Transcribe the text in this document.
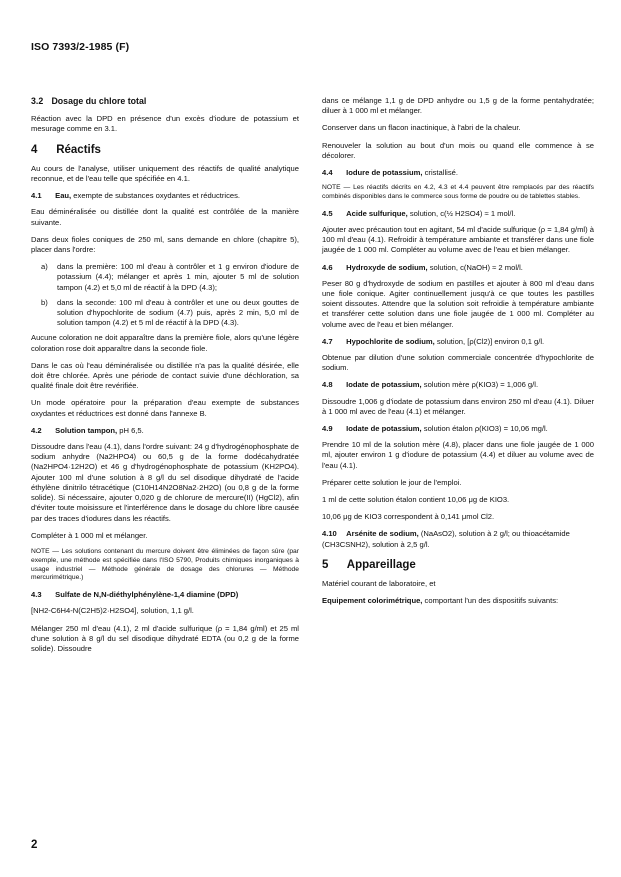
ISO 7393/2-1985 (F)
3.2 Dosage du chlore total

Réaction avec la DPD en présence d'un excès d'iodure de potassium et mesurage comme en 3.1.

4 Réactifs

Au cours de l'analyse, utiliser uniquement des réactifs de qualité analytique reconnue, et de l'eau telle que spécifiée en 4.1.

4.1 Eau, exempte de substances oxydantes et réductrices.

Eau déminéralisée ou distillée dont la qualité est contrôlée de la manière suivante.

Dans deux fioles coniques de 250 ml, sans demande en chlore (chapitre 5), placer dans l'ordre:

a)	dans la première: 100 ml d'eau à contrôler et 1 g environ d'iodure de potassium (4.4); mélanger et après 1 min, ajouter 5 ml de solution tampon (4.2) et 5,0 ml de réactif à la DPD (4.3);
b)	dans la seconde: 100 ml d'eau à contrôler et une ou deux gouttes de solution d'hypochlorite de sodium (4.7) puis, après 2 min, 5,0 ml de solution tampon (4.2) et 5 ml de réactif à la DPD (4.3).

Aucune coloration ne doit apparaître dans la première fiole, alors qu'une légère coloration rose doit apparaître dans la seconde fiole.

Dans le cas où l'eau déminéralisée ou distillée n'a pas la qualité désirée, elle doit être chlorée. Après une période de contact suivie d'une déchloration, sa qualité finale doit être revérifiée.

Un mode opératoire pour la préparation d'eau exempte de substances oxydantes et réductrices est donné dans l'annexe B.

4.2 Solution tampon, pH 6,5.

Dissoudre dans l'eau (4.1), dans l'ordre suivant: 24 g d'hydrogénophosphate de sodium anhydre (Na2HPO4) ou 60,5 g de la forme dodécahydratée (Na2HPO4·12H2O) et 46 g d'hydrogénophosphate de potassium (KH2PO4). Ajouter 100 ml d'une solution à 8 g/l du sel disodique dihydraté de l'acide éthylène dinitrilo tétracétique (C10H14N2O8Na2·2H2O) (ou 0,8 g de la forme solide). Si nécessaire, ajouter 0,020 g de chlorure de mercure(II) (HgCl2), afin d'éviter toute moisissure et l'interférence dans le dosage du chlore libre causée par des traces d'iodures dans les réactifs.

Compléter à 1 000 ml et mélanger.

NOTE — Les solutions contenant du mercure doivent être éliminées de façon sûre (par exemple, une méthode est spécifiée dans l'ISO 5790, Produits chimiques inorganiques à usage industriel — Méthode générale de dosage des chlorures — Méthode mercurimétrique.)
4.3 Sulfate de N,N-diéthylphénylène-1,4 diamine (DPD)

[NH2-C6H4-N(C2H5)2·H2SO4], solution, 1,1 g/l.

Mélanger 250 ml d'eau (4.1), 2 ml d'acide sulfurique (ρ = 1,84 g/ml) et 25 ml d'une solution à 8 g/l du sel disodique dihydraté EDTA (ou 0,2 g de la forme solide). Dissoudre

dans ce mélange 1,1 g de DPD anhydre ou 1,5 g de la forme pentahydratée; diluer à 1 000 ml et mélanger.

Conserver dans un flacon inactinique, à l'abri de la chaleur.

Renouveler la solution au bout d'un mois ou quand elle commence à se décolorer.

4.4 Iodure de potassium, cristallisé.
NOTE — Les réactifs décrits en 4.2, 4.3 et 4.4 peuvent être remplacés par des réactifs combinés disponibles dans le commerce sous forme de poudre ou de tablettes stables.
4.5 Acide sulfurique, solution, c(½ H2SO4) ≈ 1 mol/l.

Ajouter avec précaution tout en agitant, 54 ml d'acide sulfurique (ρ = 1,84 g/ml) à 100 ml d'eau (4.1). Refroidir à température ambiante et transférer dans une fiole jaugée de 1 000 ml. Compléter au volume avec de l'eau et bien mélanger.

4.6 Hydroxyde de sodium, solution, c(NaOH) ≈ 2 mol/l.

Peser 80 g d'hydroxyde de sodium en pastilles et ajouter à 800 ml d'eau dans une fiole conique. Agiter continuellement jusqu'à ce que toutes les pastilles soient dissoutes. Attendre que la solution soit refroidie à température ambiante et transférer cette solution dans une fiole jaugée de 1 000 ml. Compléter au volume avec de l'eau et bien mélanger.

4.7 Hypochlorite de sodium, solution, [ρ(Cl2)] environ 0,1 g/l.

Obtenue par dilution d'une solution commerciale concentrée d'hypochlorite de sodium.

4.8 Iodate de potassium, solution mère ρ(KIO3) = 1,006 g/l.

Dissoudre 1,006 g d'iodate de potassium dans environ 250 ml d'eau (4.1). Diluer à 1 000 ml avec de l'eau (4.1) et mélanger.

4.9 Iodate de potassium, solution étalon ρ(KIO3) = 10,06 mg/l.

Prendre 10 ml de la solution mère (4.8), placer dans une fiole jaugée de 1 000 ml, ajouter environ 1 g d'iodure de potassium (4.4) et diluer au volume avec de l'eau (4.1).

Préparer cette solution le jour de l'emploi.

1 ml de cette solution étalon contient 10,06 μg de KIO3.

10,06 μg de KIO3 correspondent à 0,141 μmol Cl2.

4.10 Arsénite de sodium, (NaAsO2), solution à 2 g/l; ou thioacétamide (CH3CSNH2), solution à 2,5 g/l.
5 Appareillage

Matériel courant de laboratoire, et

Equipement colorimétrique, comportant l'un des dispositifs suivants:

2
